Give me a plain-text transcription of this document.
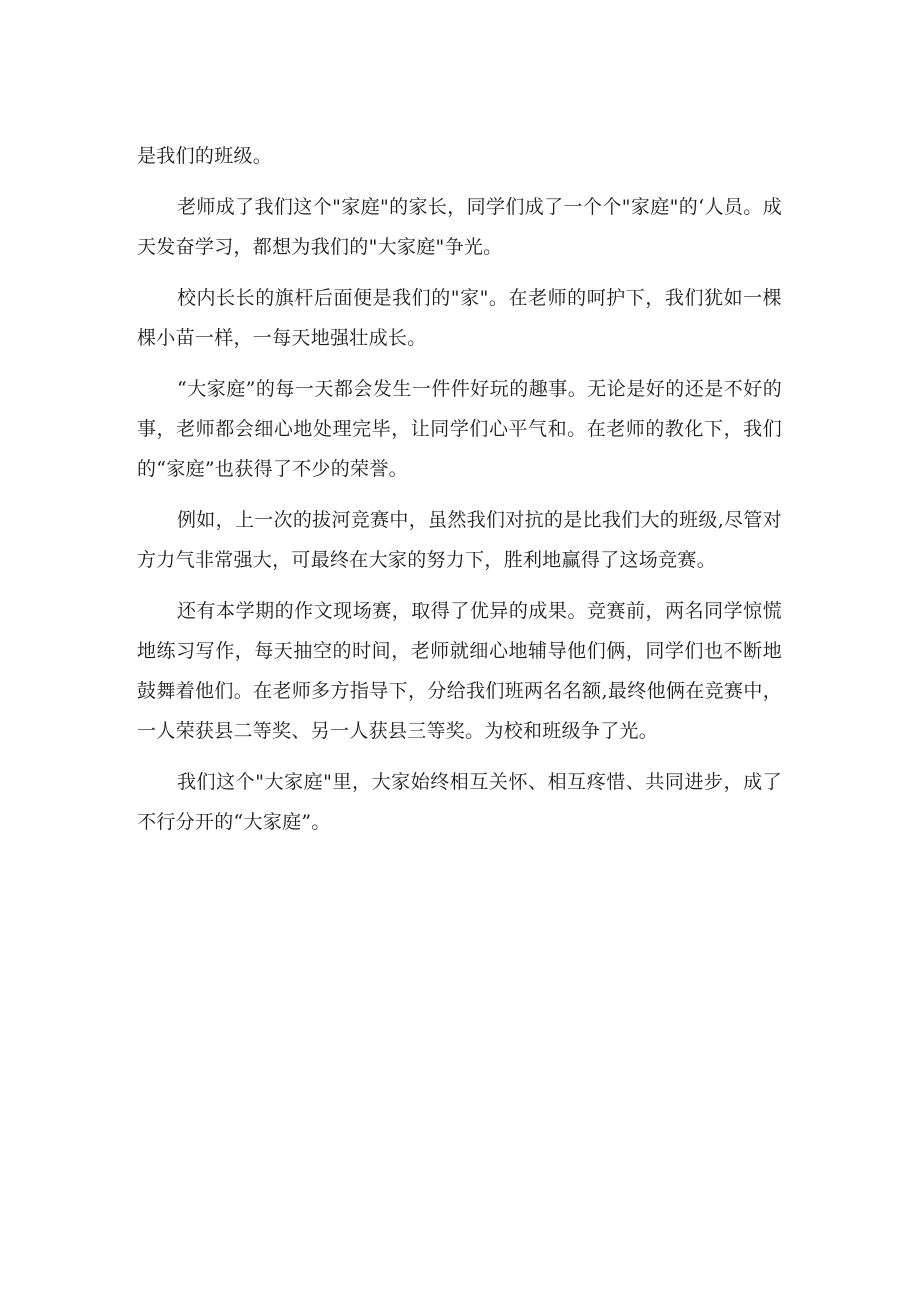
是我们的班级。

老师成了我们这个"家庭"的家长，同学们成了一个个"家庭"的‘人员。成天发奋学习，都想为我们的"大家庭"争光。

校内长长的旗杆后面便是我们的"家"。在老师的呵护下，我们犹如一棵棵小苗一样，一每天地强壮成长。

“大家庭”的每一天都会发生一件件好玩的趣事。无论是好的还是不好的事，老师都会细心地处理完毕，让同学们心平气和。在老师的教化下，我们的“家庭”也获得了不少的荣誉。

例如，上一次的拔河竞赛中，虽然我们对抗的是比我们大的班级,尽管对方力气非常强大，可最终在大家的努力下，胜利地赢得了这场竞赛。

还有本学期的作文现场赛，取得了优异的成果。竞赛前，两名同学惊慌地练习写作，每天抽空的时间，老师就细心地辅导他们俩，同学们也不断地鼓舞着他们。在老师多方指导下，分给我们班两名名额,最终他俩在竞赛中，一人荣获县二等奖、另一人获县三等奖。为校和班级争了光。

我们这个"大家庭"里，大家始终相互关怀、相互疼惜、共同进步，成了不行分开的“大家庭”。
